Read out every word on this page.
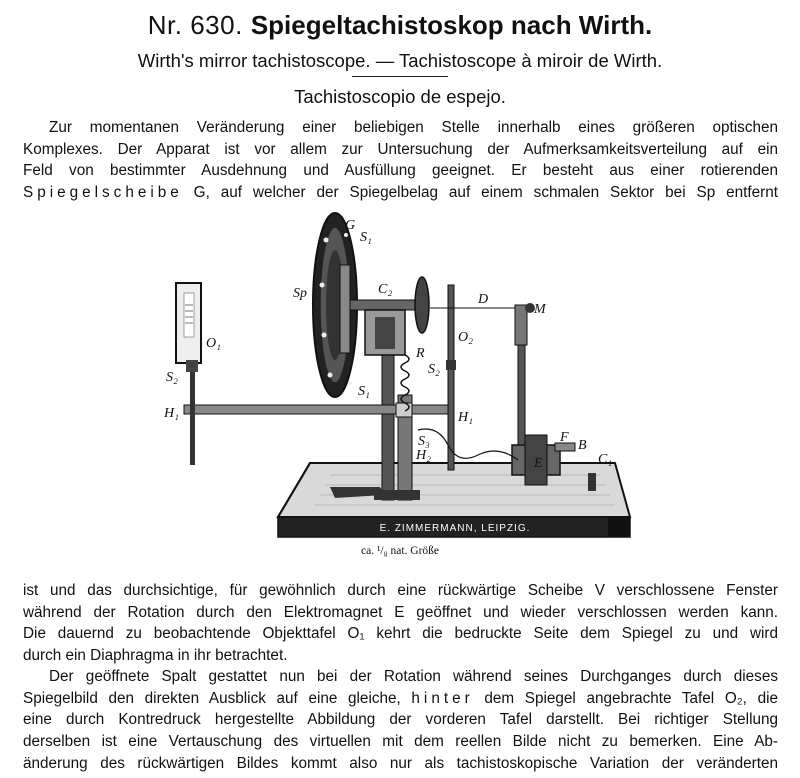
Nr. 630. Spiegeltachistoskop nach Wirth.
Wirth's mirror tachistoscope. — Tachistoscope à miroir de Wirth.
Tachistoscopio de espejo.
Zur momentanen Veränderung einer beliebigen Stelle innerhalb eines größeren optischen
Komplexes. Der Apparat ist vor allem zur Untersuchung der Aufmerksamkeitsverteilung auf ein
Feld von bestimmter Ausdehnung und Ausfüllung geeignet. Er besteht aus einer rotierenden
Spiegelscheibe G, auf welcher der Spiegelbelag auf einem schmalen Sektor bei Sp entfernt
E. ZIMMERMANN, LEIPZIG.
S₁
G
C₂
Sp	D
M
O₁	O₂
R
S₂
S₂
S₁
H₁	H₁
S₃
H₂
F
B
C₁
E
ca. ¹/₈ nat. Größe
ist und das durchsichtige, für gewöhnlich durch eine rückwärtige Scheibe V verschlossene Fenster
während der Rotation durch den Elektromagnet E geöffnet und wieder verschlossen werden kann.
Die dauernd zu beobachtende Objekttafel O₁ kehrt die bedruckte Seite dem Spiegel zu und wird
durch ein Diaphragma in ihr betrachtet.
Der geöffnete Spalt gestattet nun bei der Rotation während seines Durchganges durch dieses
Spiegelbild den direkten Ausblick auf eine gleiche, hinter dem Spiegel angebrachte Tafel O₂, die
eine durch Kontredruck hergestellte Abbildung der vorderen Tafel darstellt. Bei richtiger Stellung
derselben ist eine Vertauschung des virtuellen mit dem reellen Bilde nicht zu bemerken. Eine Ab-
änderung des rückwärtigen Bildes kommt also nur als tachistoskopische Variation der veränderten
